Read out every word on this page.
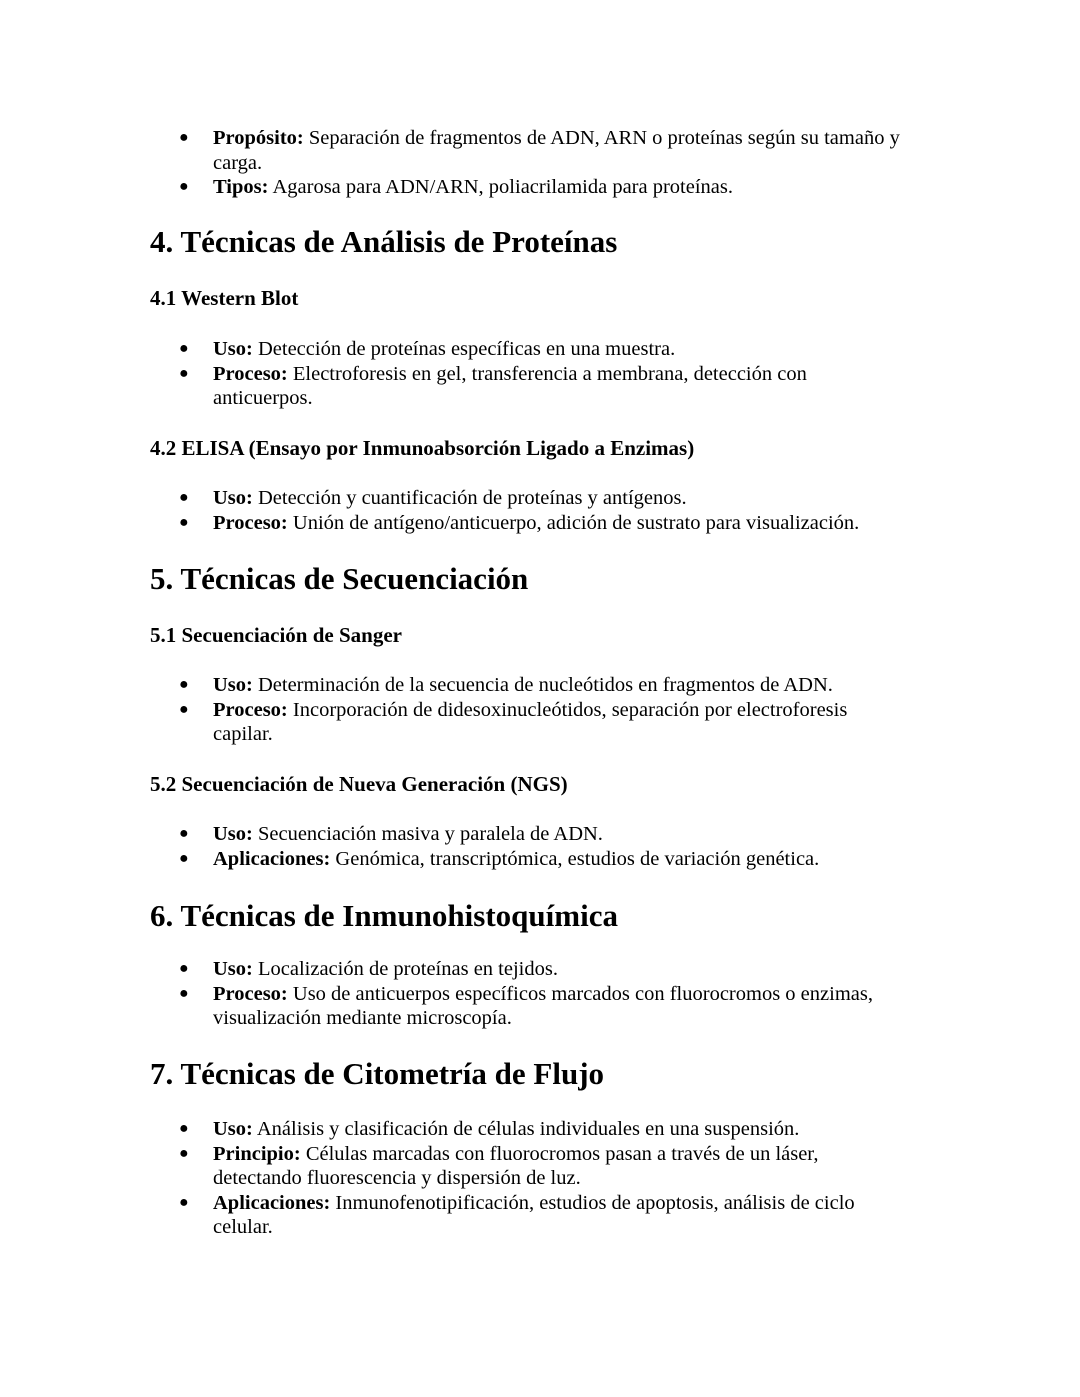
● Propósito: Separación de fragmentos de ADN, ARN o proteínas según su tamaño y carga.
● Tipos: Agarosa para ADN/ARN, poliacrilamida para proteínas.
4. Técnicas de Análisis de Proteínas
4.1 Western Blot
● Uso: Detección de proteínas específicas en una muestra.
● Proceso: Electroforesis en gel, transferencia a membrana, detección con anticuerpos.
4.2 ELISA (Ensayo por Inmunoabsorción Ligado a Enzimas)
● Uso: Detección y cuantificación de proteínas y antígenos.
● Proceso: Unión de antígeno/anticuerpo, adición de sustrato para visualización.
5. Técnicas de Secuenciación
5.1 Secuenciación de Sanger
● Uso: Determinación de la secuencia de nucleótidos en fragmentos de ADN.
● Proceso: Incorporación de didesoxinucleótidos, separación por electroforesis capilar.
5.2 Secuenciación de Nueva Generación (NGS)
● Uso: Secuenciación masiva y paralela de ADN.
● Aplicaciones: Genómica, transcriptómica, estudios de variación genética.
6. Técnicas de Inmunohistoquímica
● Uso: Localización de proteínas en tejidos.
● Proceso: Uso de anticuerpos específicos marcados con fluorocromos o enzimas, visualización mediante microscopía.
7. Técnicas de Citometría de Flujo
● Uso: Análisis y clasificación de células individuales en una suspensión.
● Principio: Células marcadas con fluorocromos pasan a través de un láser, detectando fluorescencia y dispersión de luz.
● Aplicaciones: Inmunofenotipificación, estudios de apoptosis, análisis de ciclo celular.
